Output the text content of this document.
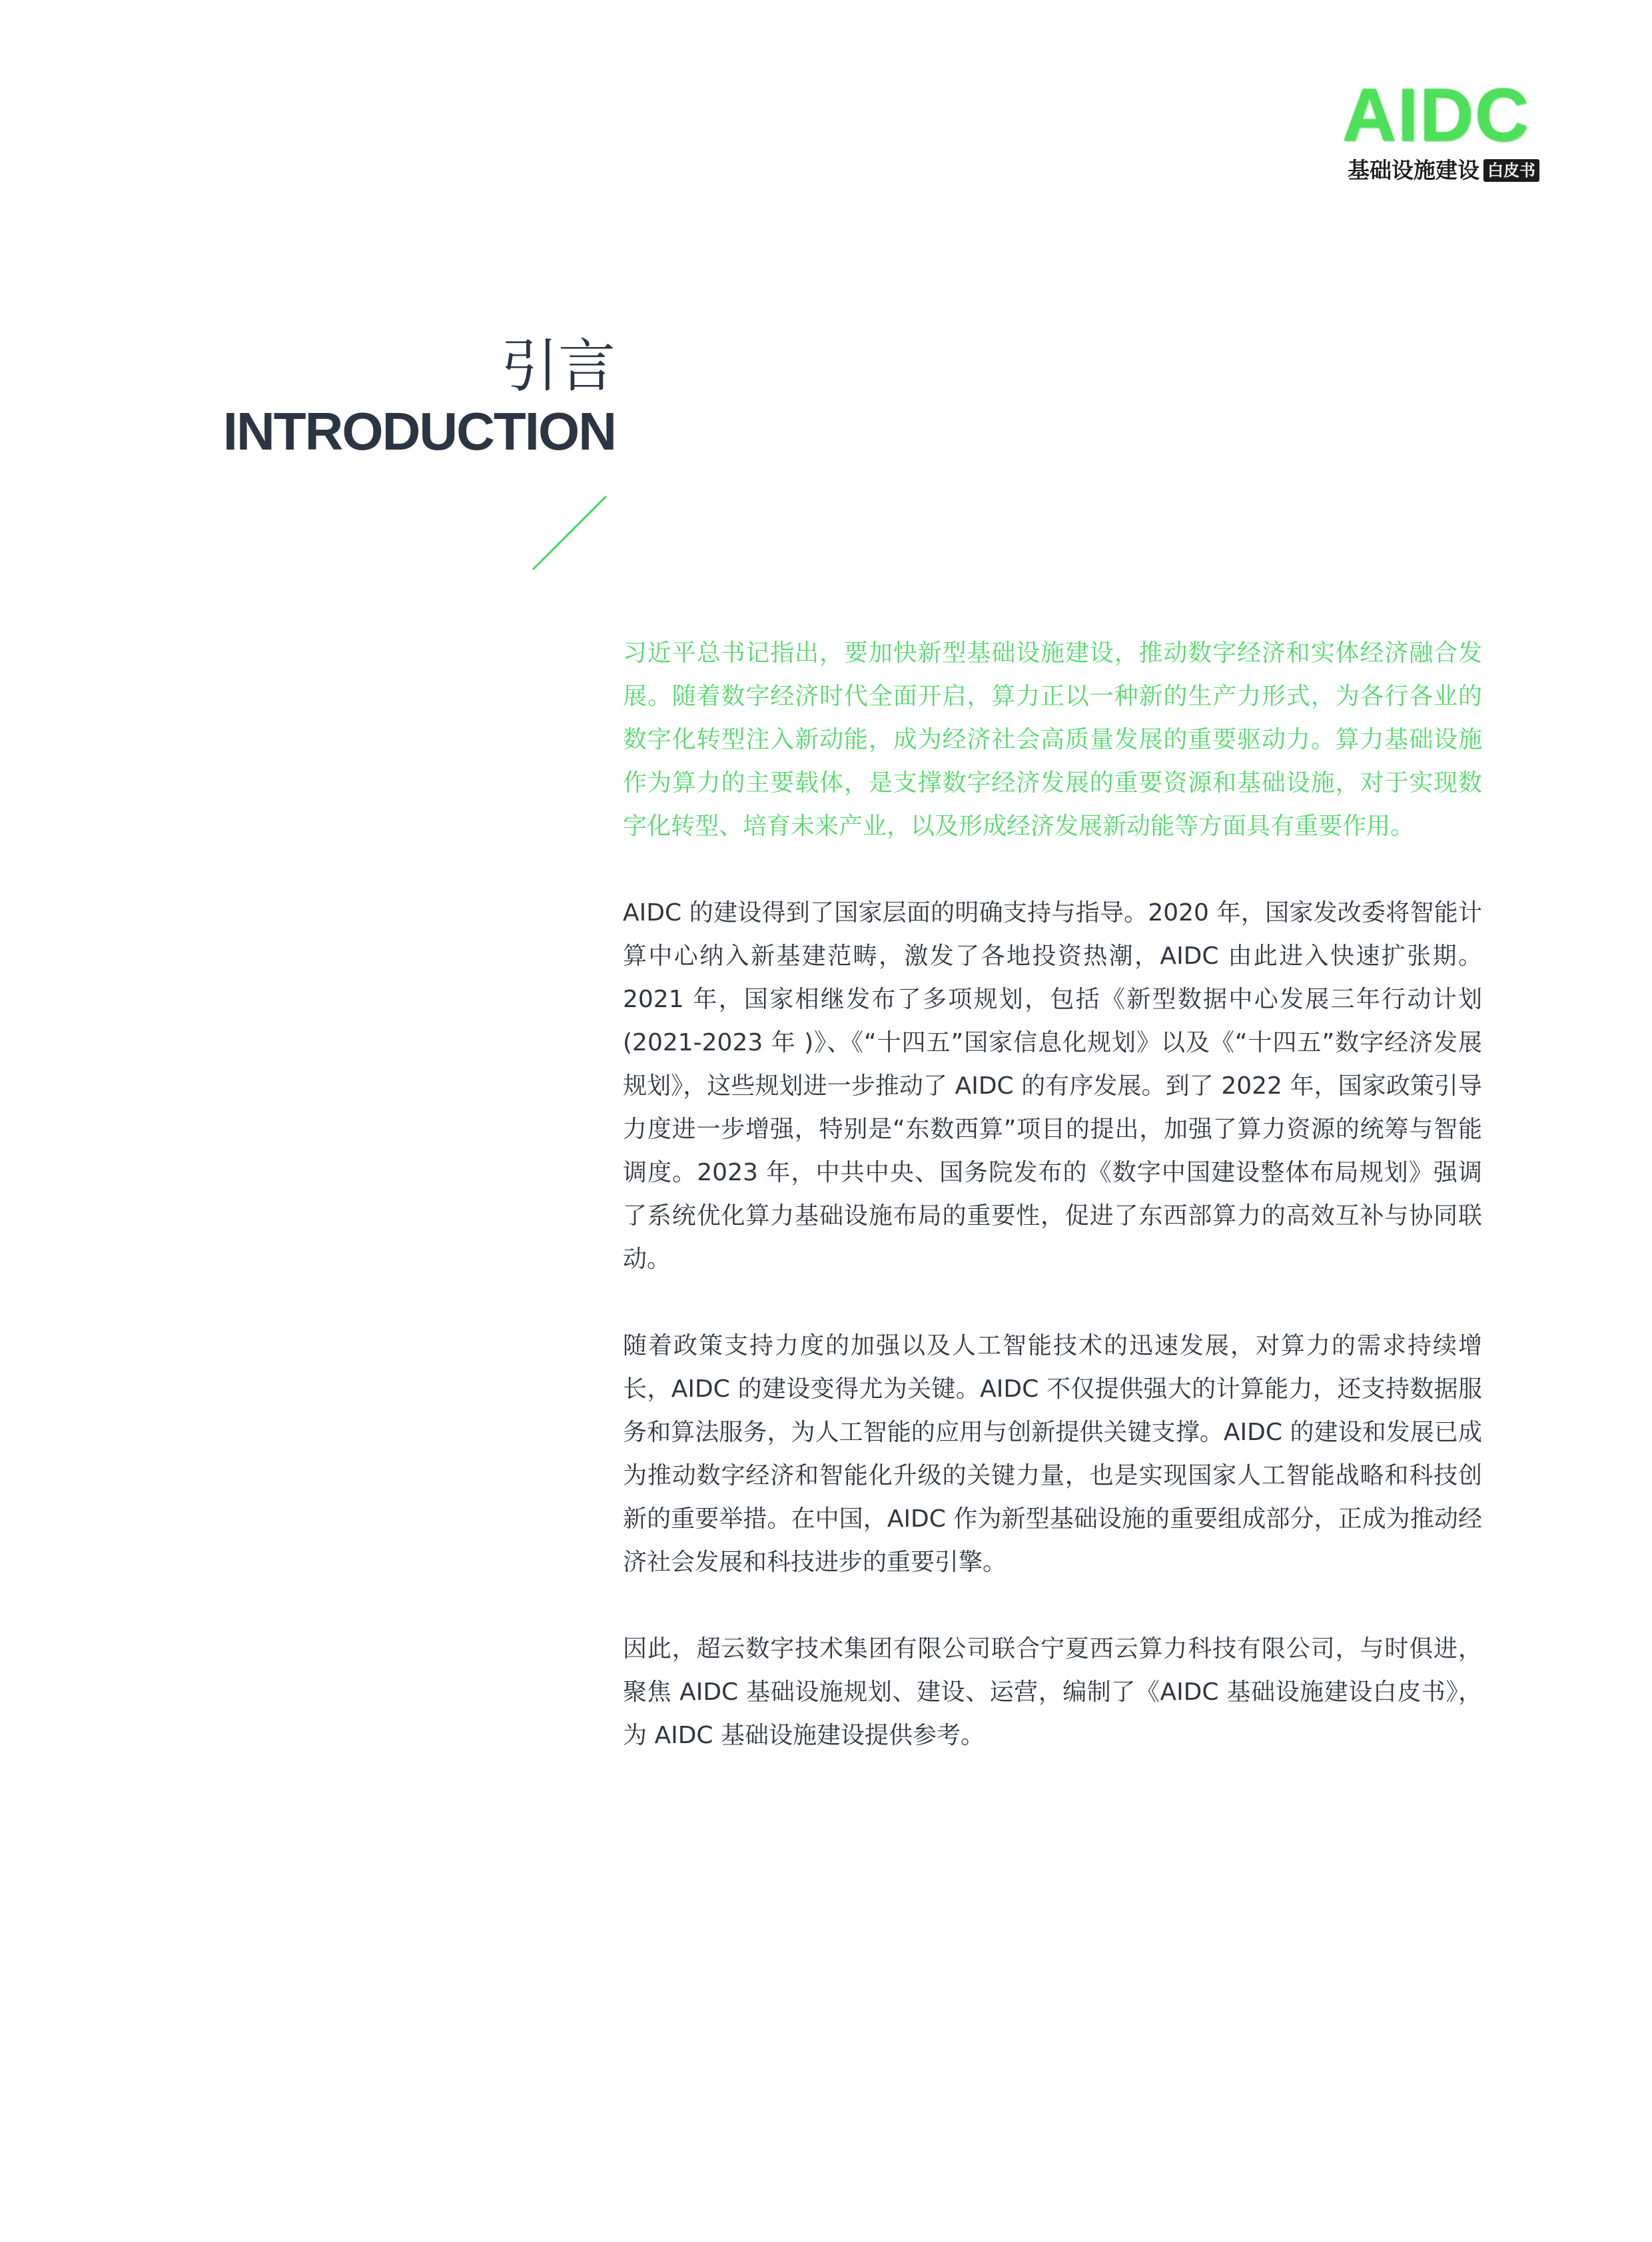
AIDC
基础设施建设 白皮书
引言
INTRODUCTION

习近平总书记指出，要加快新型基础设施建设，推动数字经济和实体经济融合发展。随着数字经济时代全面开启，算力正以一种新的生产力形式，为各行各业的数字化转型注入新动能，成为经济社会高质量发展的重要驱动力。算力基础设施作为算力的主要载体，是支撑数字经济发展的重要资源和基础设施，对于实现数字化转型、培育未来产业，以及形成经济发展新动能等方面具有重要作用。

AIDC 的建设得到了国家层面的明确支持与指导。2020 年，国家发改委将智能计算中心纳入新基建范畴，激发了各地投资热潮，AIDC 由此进入快速扩张期。2021 年，国家相继发布了多项规划，包括《新型数据中心发展三年行动计划(2021-2023 年 )》、《“十四五”国家信息化规划》以及《“十四五”数字经济发展规划》，这些规划进一步推动了 AIDC 的有序发展。到了 2022 年，国家政策引导力度进一步增强，特别是“东数西算”项目的提出，加强了算力资源的统筹与智能调度。2023 年，中共中央、国务院发布的《数字中国建设整体布局规划》强调了系统优化算力基础设施布局的重要性，促进了东西部算力的高效互补与协同联动。

随着政策支持力度的加强以及人工智能技术的迅速发展，对算力的需求持续增长，AIDC 的建设变得尤为关键。AIDC 不仅提供强大的计算能力，还支持数据服务和算法服务，为人工智能的应用与创新提供关键支撑。AIDC 的建设和发展已成为推动数字经济和智能化升级的关键力量，也是实现国家人工智能战略和科技创新的重要举措。在中国，AIDC 作为新型基础设施的重要组成部分，正成为推动经济社会发展和科技进步的重要引擎。

因此，超云数字技术集团有限公司联合宁夏西云算力科技有限公司，与时俱进，聚焦 AIDC 基础设施规划、建设、运营，编制了《AIDC 基础设施建设白皮书》，为 AIDC 基础设施建设提供参考。
